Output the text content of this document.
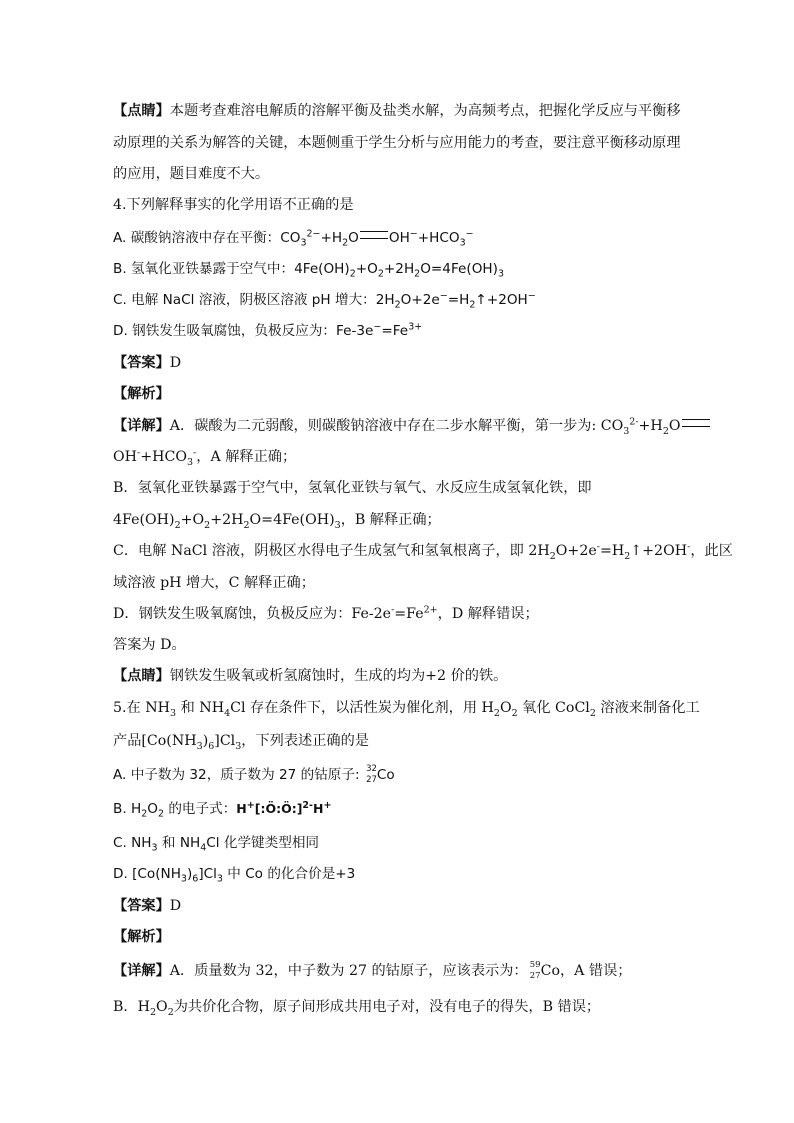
【点睛】本题考查难溶电解质的溶解平衡及盐类水解，为高频考点，把握化学反应与平衡移
动原理的关系为解答的关键，本题侧重于学生分析与应用能力的考查，要注意平衡移动原理
的应用，题目难度不大。
4.下列解释事实的化学用语不正确的是
A. 碳酸钠溶液中存在平衡：$CO_3^{2-}+H_2O$ $OH^-+HCO_3^-$
B. 氢氧化亚铁暴露于空气中：$4Fe(OH)_2+O_2+2H_2O=4Fe(OH)_3$
C. 电解 NaCl 溶液，阴极区溶液 pH 增大：$2H_2O+2e^-=H_2↑+2OH^-$
D. 钢铁发生吸氧腐蚀，负极反应为：$Fe-3e^-=Fe^{3+}$
【答案】D
【解析】
【详解】A．碳酸为二元弱酸，则碳酸钠溶液中存在二步水解平衡，第一步为: $CO_3^{2-}+H_2O$
$OH^-+HCO_3^-$，A 解释正确；
B．氢氧化亚铁暴露于空气中，氢氧化亚铁与氧气、水反应生成氢氧化铁，即
$4Fe(OH)_2+O_2+2H_2O=4Fe(OH)_3$，B 解释正确；
C．电解 NaCl 溶液，阴极区水得电子生成氢气和氢氧根离子，即 $2H_2O+2e^-=H_2↑+2OH^-$，此区
域溶液 pH 增大，C 解释正确；
D．钢铁发生吸氧腐蚀，负极反应为：$Fe-2e^-=Fe^{2+}$，D 解释错误；
答案为 D。
【点睛】钢铁发生吸氧或析氢腐蚀时，生成的均为+2 价的铁。
5.在 $NH_3$ 和 $NH_4Cl$ 存在条件下，以活性炭为催化剂，用 $H_2O_2$ 氧化 CoCl$_2$ 溶液来制备化工
产品$[Co(NH_3)_6]Cl_3$，下列表述正确的是
A. 中子数为 32，质子数为 27 的钴原子: 32
27 Co
B. $H_2O_2$ 的电子式：H+[:Ö:Ö:]$^{2-}$H+
C. $NH_3$ 和 $NH_4Cl$ 化学键类型相同
D. $[Co(NH_3)_6]Cl_3$ 中 Co 的化合价是+3
【答案】D
【解析】
【详解】A．质量数为 32，中子数为 27 的钴原子，应该表示为： 59
27 Co，A 错误；
B．$H_2O_2$为共价化合物，原子间形成共用电子对，没有电子的得失，B 错误；
